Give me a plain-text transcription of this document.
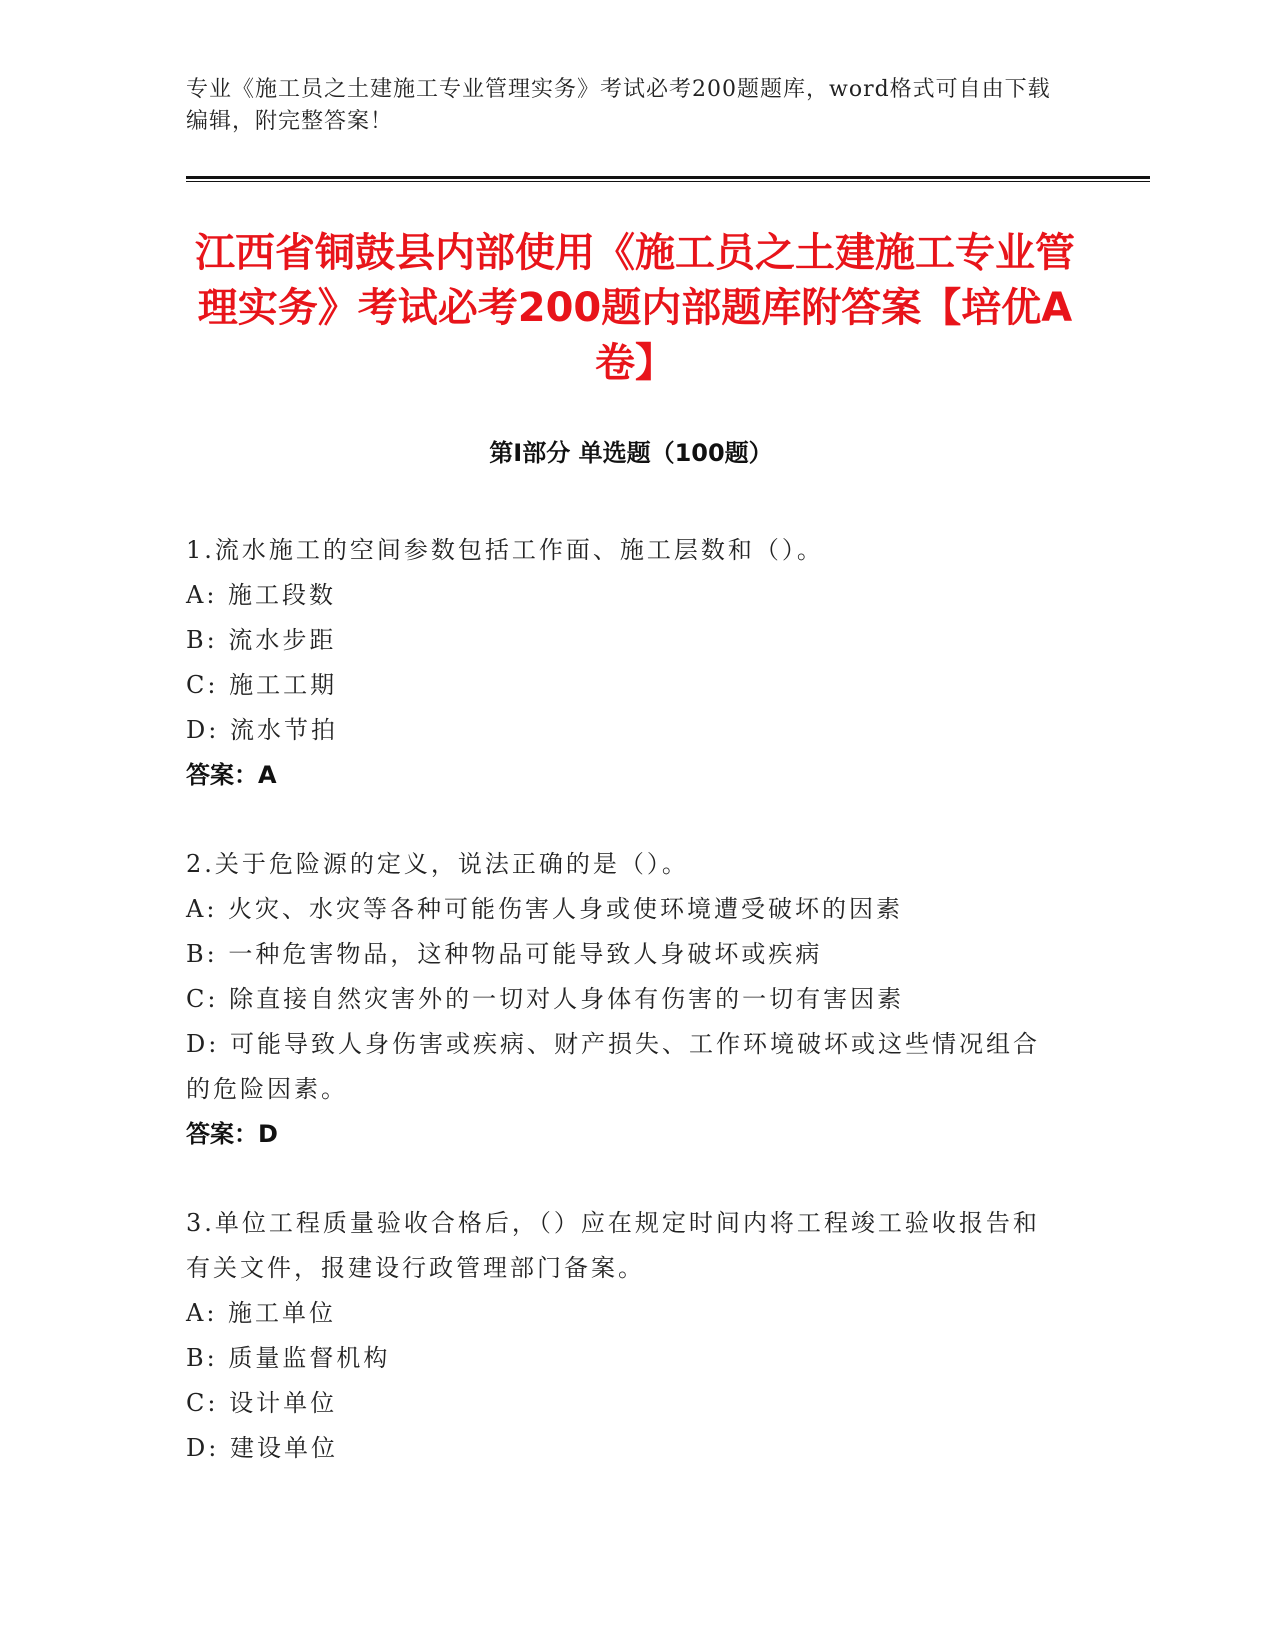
专业《施工员之土建施工专业管理实务》考试必考200题题库，word格式可自由下载编辑，附完整答案！
江西省铜鼓县内部使用《施工员之土建施工专业管理实务》考试必考200题内部题库附答案【培优A卷】
第I部分 单选题（100题）

1.流水施工的空间参数包括工作面、施工层数和（）。

A: 施工段数
B: 流水步距
C: 施工工期
D: 流水节拍
答案：A

2.关于危险源的定义，说法正确的是（）。

A: 火灾、水灾等各种可能伤害人身或使环境遭受破坏的因素
B: 一种危害物品，这种物品可能导致人身破坏或疾病
C: 除直接自然灾害外的一切对人身体有伤害的一切有害因素
D: 可能导致人身伤害或疾病、财产损失、工作环境破坏或这些情况组合的危险因素。
答案：D

3.单位工程质量验收合格后，（）应在规定时间内将工程竣工验收报告和有关文件，报建设行政管理部门备案。

A: 施工单位
B: 质量监督机构
C: 设计单位
D: 建设单位
